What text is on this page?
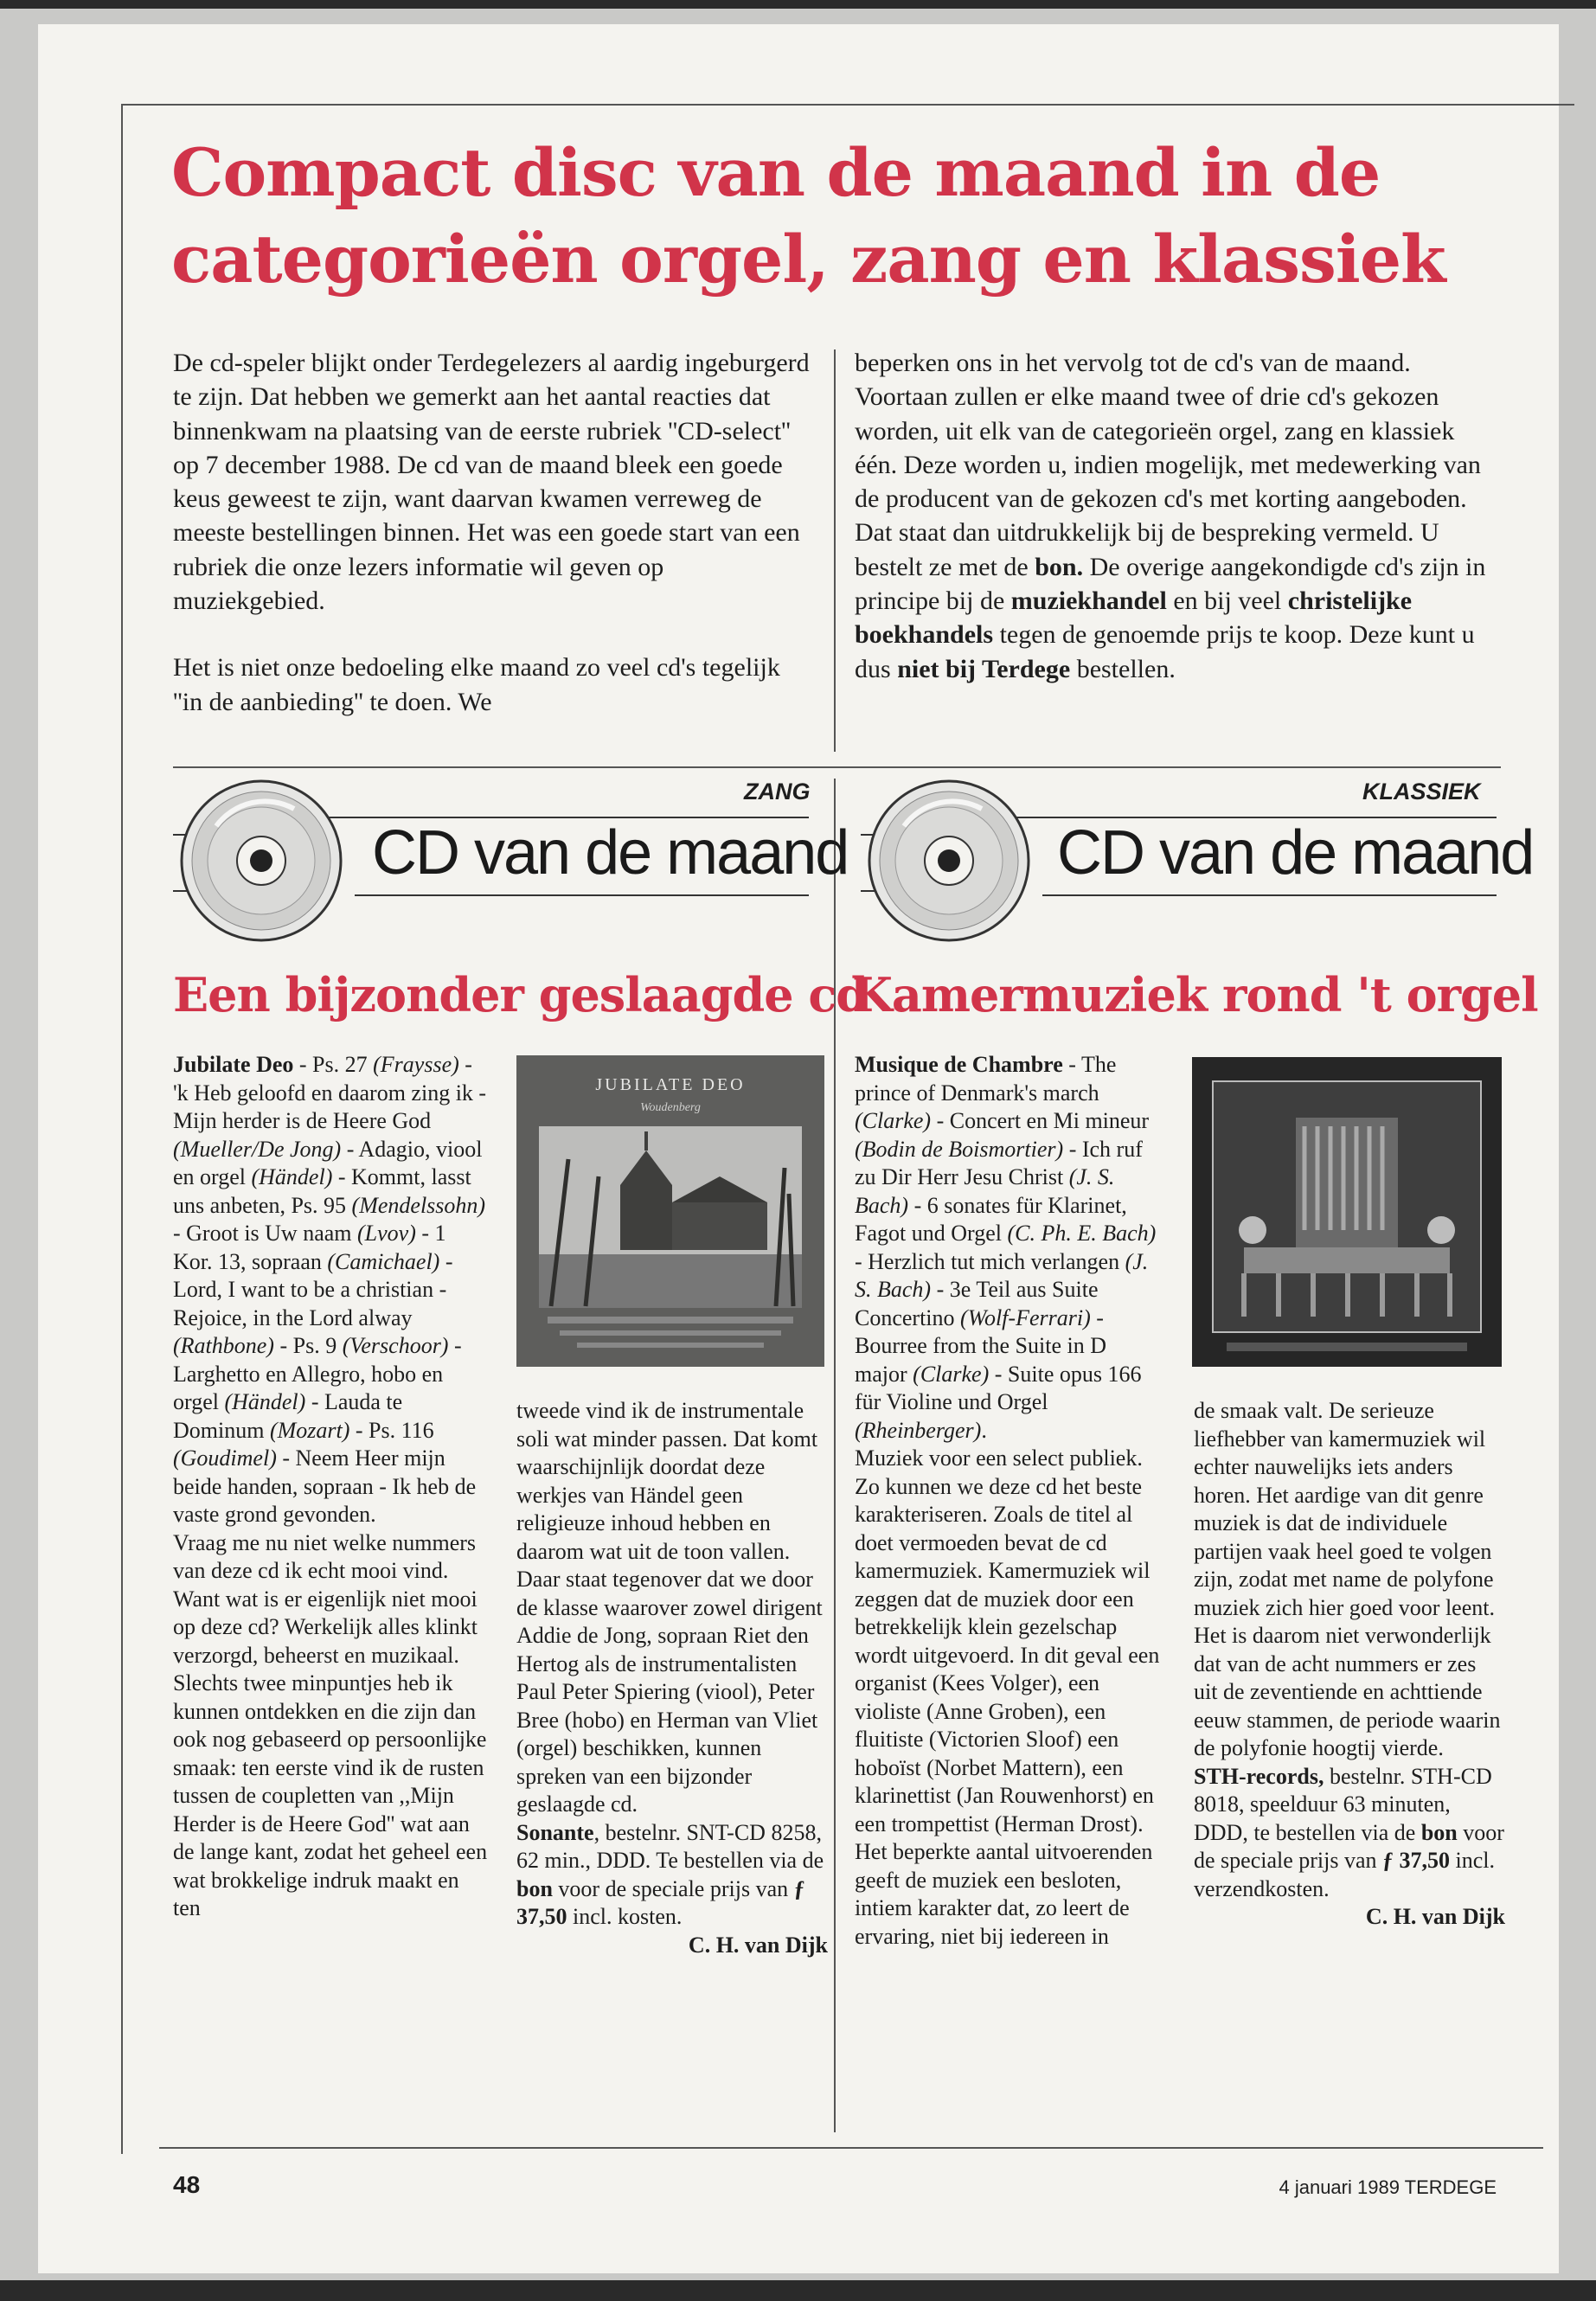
Compact disc van de maand in de categorieën orgel, zang en klassiek

De cd-speler blijkt onder Terdegelezers al aardig ingeburgerd te zijn. Dat hebben we gemerkt aan het aantal reacties dat binnenkwam na plaatsing van de eerste rubriek ''CD-select'' op 7 december 1988. De cd van de maand bleek een goede keus geweest te zijn, want daarvan kwamen verreweg de meeste bestellingen binnen. Het was een goede start van een rubriek die onze lezers informatie wil geven op muziekgebied.

Het is niet onze bedoeling elke maand zo veel cd's tegelijk ''in de aanbieding'' te doen. We

beperken ons in het vervolg tot de cd's van de maand. Voortaan zullen er elke maand twee of drie cd's gekozen worden, uit elk van de categorieën orgel, zang en klassiek één. Deze worden u, indien mogelijk, met medewerking van de producent van de gekozen cd's met korting aangeboden. Dat staat dan uitdrukkelijk bij de bespreking vermeld. U bestelt ze met de bon. De overige aangekondigde cd's zijn in principe bij de muziekhandel en bij veel christelijke boekhandels tegen de genoemde prijs te koop. Deze kunt u dus niet bij Terdege bestellen.

ZANG
CD van de maand
KLASSIEK
CD van de maand
Een bijzonder geslaagde cd
Kamermuziek rond 't orgel

Jubilate Deo - Ps. 27 (Fraysse) - 'k Heb geloofd en daarom zing ik - Mijn herder is de Heere God (Mueller/De Jong) - Adagio, viool en orgel (Händel) - Kommt, lasst uns anbeten, Ps. 95 (Mendelssohn) - Groot is Uw naam (Lvov) - 1 Kor. 13, sopraan (Camichael) - Lord, I want to be a christian - Rejoice, in the Lord alway (Rathbone) - Ps. 9 (Verschoor) - Larghetto en Allegro, hobo en orgel (Händel) - Lauda te Dominum (Mozart) - Ps. 116 (Goudimel) - Neem Heer mijn beide handen, sopraan - Ik heb de vaste grond gevonden.
Vraag me nu niet welke nummers van deze cd ik echt mooi vind. Want wat is er eigenlijk niet mooi op deze cd? Werkelijk alles klinkt verzorgd, beheerst en muzikaal. Slechts twee minpuntjes heb ik kunnen ontdekken en die zijn dan ook nog gebaseerd op persoonlijke smaak: ten eerste vind ik de rusten tussen de coupletten van ,,Mijn Herder is de Heere God'' wat aan de lange kant, zodat het geheel een wat brokkelige indruk maakt en ten

JUBILATE DEO
Woudenberg

tweede vind ik de instrumentale soli wat minder passen. Dat komt waarschijnlijk doordat deze werkjes van Händel geen religieuze inhoud hebben en daarom wat uit de toon vallen. Daar staat tegenover dat we door de klasse waarover zowel dirigent Addie de Jong, sopraan Riet den Hertog als de instrumentalisten Paul Peter Spiering (viool), Peter Bree (hobo) en Herman van Vliet (orgel) beschikken, kunnen spreken van een bijzonder geslaagde cd.
Sonante, bestelnr. SNT-CD 8258, 62 min., DDD. Te bestellen via de bon voor de speciale prijs van ƒ 37,50 incl. kosten.

C. H. van Dijk

Musique de Chambre - The prince of Denmark's march (Clarke) - Concert en Mi mineur (Bodin de Boismortier) - Ich ruf zu Dir Herr Jesu Christ (J. S. Bach) - 6 sonates für Klarinet, Fagot und Orgel (C. Ph. E. Bach) - Herzlich tut mich verlangen (J. S. Bach) - 3e Teil aus Suite Concertino (Wolf-Ferrari) - Bourree from the Suite in D major (Clarke) - Suite opus 166 für Violine und Orgel (Rheinberger).
Muziek voor een select publiek. Zo kunnen we deze cd het beste karakteriseren. Zoals de titel al doet vermoeden bevat de cd kamermuziek. Kamermuziek wil zeggen dat de muziek door een betrekkelijk klein gezelschap wordt uitgevoerd. In dit geval een organist (Kees Volger), een violiste (Anne Groben), een fluitiste (Victorien Sloof) een hoboïst (Norbet Mattern), een klarinettist (Jan Rouwenhorst) en een trompettist (Herman Drost). Het beperkte aantal uitvoerenden geeft de muziek een besloten, intiem karakter dat, zo leert de ervaring, niet bij iedereen in

de smaak valt. De serieuze liefhebber van kamermuziek wil echter nauwelijks iets anders horen. Het aardige van dit genre muziek is dat de individuele partijen vaak heel goed te volgen zijn, zodat met name de polyfone muziek zich hier goed voor leent. Het is daarom niet verwonderlijk dat van de acht nummers er zes uit de zeventiende en achttiende eeuw stammen, de periode waarin de polyfonie hoogtij vierde.
STH-records, bestelnr. STH-CD 8018, speelduur 63 minuten, DDD, te bestellen via de bon voor de speciale prijs van ƒ 37,50 incl. verzendkosten.

C. H. van Dijk

48	4 januari 1989 TERDEGE
